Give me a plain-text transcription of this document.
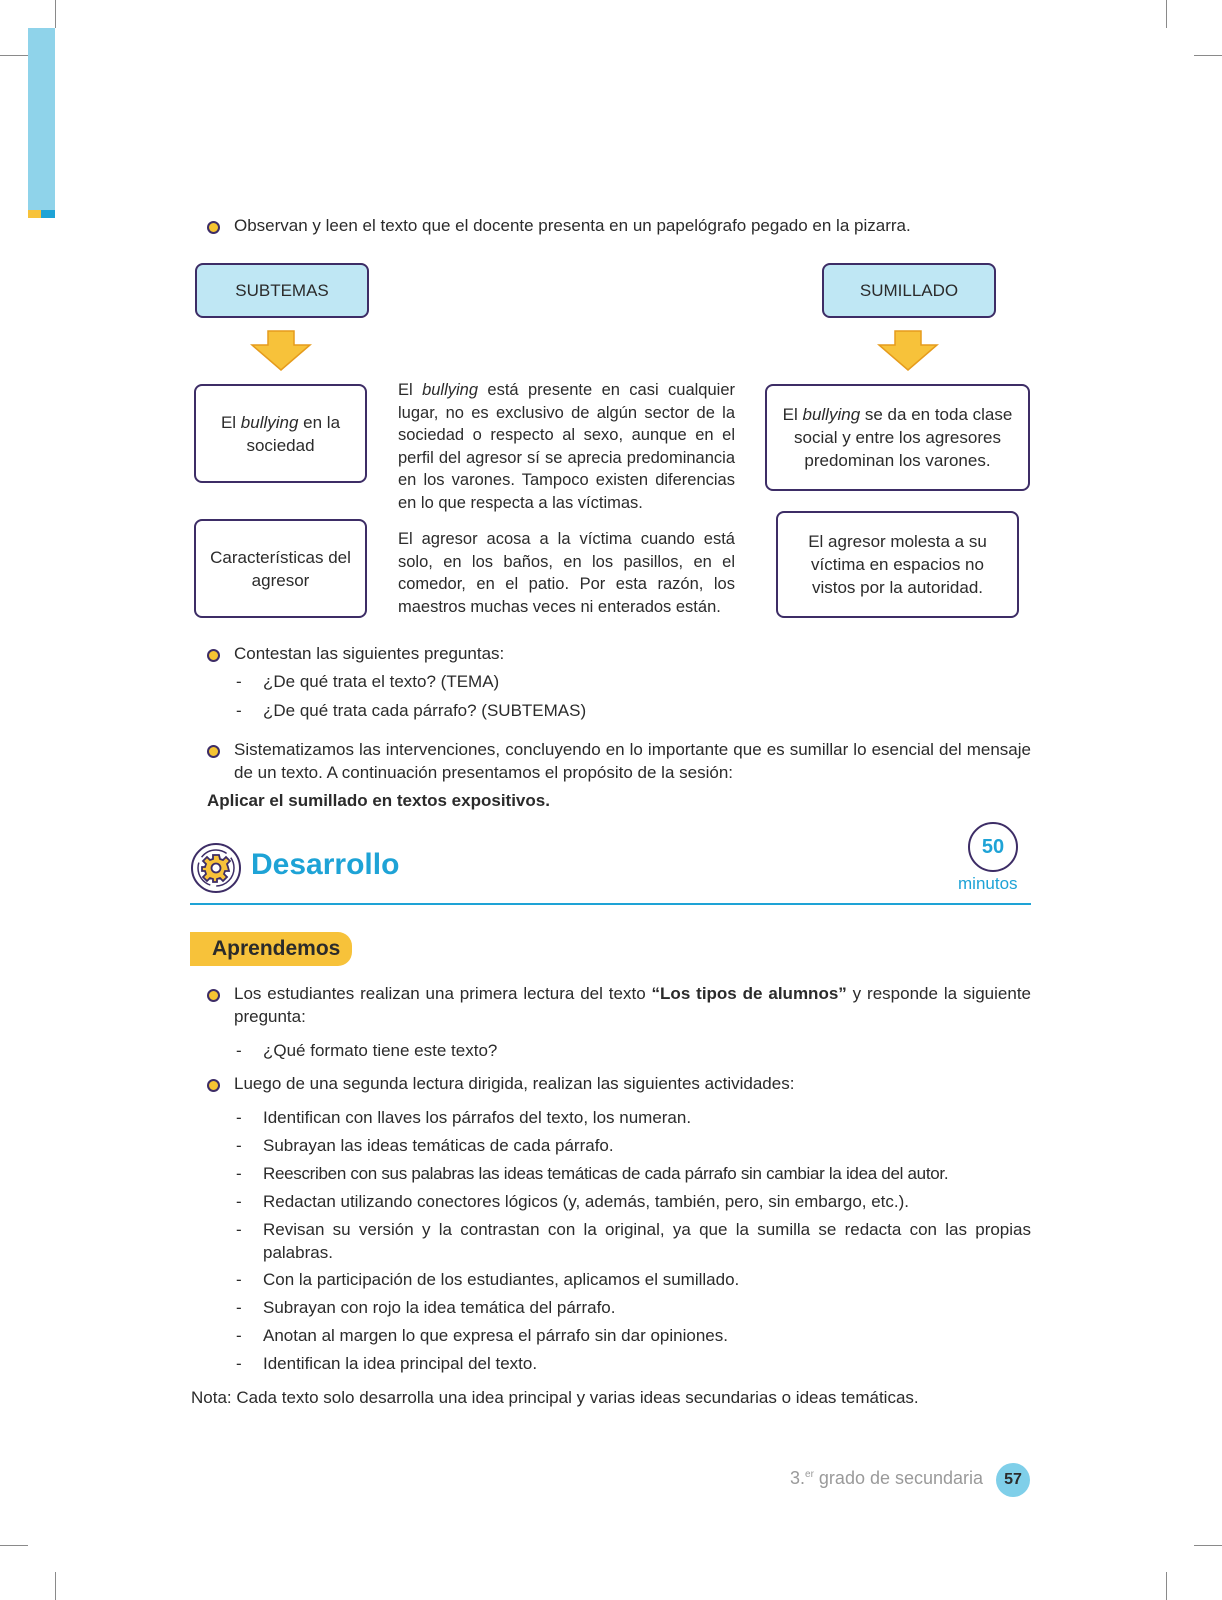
Observan y leen el texto que el docente presenta en un papelógrafo pegado en la pizarra.
SUBTEMAS	SUMILLADO
El bullying en la sociedad
Características del agresor
El bullying está presente en casi cualquier lugar, no es exclusivo de algún sector de la sociedad o respecto al sexo, aunque en el perfil del agresor sí se aprecia predominancia en los varones. Tampoco existen diferencias en lo que respecta a las víctimas.
El agresor acosa a la víctima cuando está solo, en los baños, en los pasillos, en el comedor, en el patio. Por esta razón, los maestros muchas veces ni enterados están.
El bullying se da en toda clase social y entre los agresores predominan los varones.
El agresor molesta a su víctima en espacios no vistos por la autoridad.
Contestan las siguientes preguntas:
- ¿De qué trata el texto? (TEMA)
- ¿De qué trata cada párrafo? (SUBTEMAS)
Sistematizamos las intervenciones, concluyendo en lo importante que es sumillar lo esencial del mensaje de un texto. A continuación presentamos el propósito de la sesión:
Aplicar el sumillado en textos expositivos.
Desarrollo
50
minutos
Aprendemos
Los estudiantes realizan una primera lectura del texto “Los tipos de alumnos” y responde la siguiente pregunta:
- ¿Qué formato tiene este texto?
Luego de una segunda lectura dirigida, realizan las siguientes actividades:
- Identifican con llaves los párrafos del texto, los numeran.
- Subrayan las ideas temáticas de cada párrafo.
- Reescriben con sus palabras las ideas temáticas de cada párrafo sin cambiar la idea del autor.
- Redactan utilizando conectores lógicos (y, además, también, pero, sin embargo, etc.).
- Revisan su versión y la contrastan con la original, ya que la sumilla se redacta con las propias palabras.
- Con la participación de los estudiantes, aplicamos el sumillado.
- Subrayan con rojo la idea temática del párrafo.
- Anotan al margen lo que expresa el párrafo sin dar opiniones.
- Identifican la idea principal del texto.
Nota: Cada texto solo desarrolla una idea principal y varias ideas secundarias o ideas temáticas.
3.$^{er}$ grado de secundaria	57
